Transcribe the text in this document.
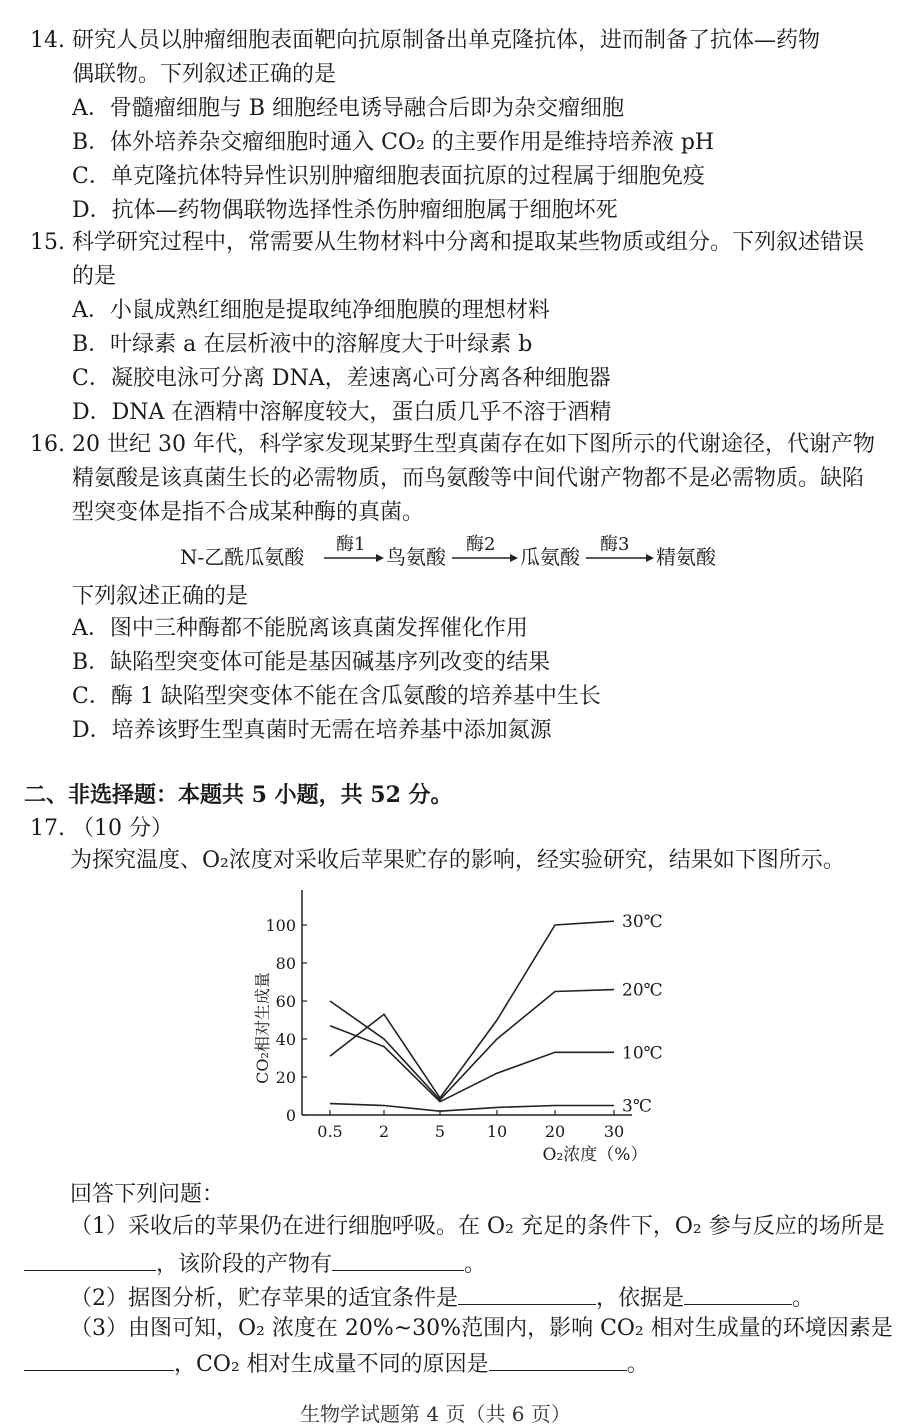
14. 研究人员以肿瘤细胞表面靶向抗原制备出单克隆抗体，进而制备了抗体—药物
偶联物。下列叙述正确的是
A．骨髓瘤细胞与 B 细胞经电诱导融合后即为杂交瘤细胞
B．体外培养杂交瘤细胞时通入 CO₂ 的主要作用是维持培养液 pH
C．单克隆抗体特异性识别肿瘤细胞表面抗原的过程属于细胞免疫
D．抗体—药物偶联物选择性杀伤肿瘤细胞属于细胞坏死
15. 科学研究过程中，常需要从生物材料中分离和提取某些物质或组分。下列叙述错误
的是
A．小鼠成熟红细胞是提取纯净细胞膜的理想材料
B．叶绿素 a 在层析液中的溶解度大于叶绿素 b
C．凝胶电泳可分离 DNA，差速离心可分离各种细胞器
D．DNA 在酒精中溶解度较大，蛋白质几乎不溶于酒精
16. 20 世纪 30 年代，科学家发现某野生型真菌存在如下图所示的代谢途径，代谢产物
精氨酸是该真菌生长的必需物质，而鸟氨酸等中间代谢产物都不是必需物质。缺陷
型突变体是指不合成某种酶的真菌。
N-乙酰瓜氨酸
酶1
鸟氨酸
酶2
瓜氨酸
酶3
精氨酸
下列叙述正确的是
A．图中三种酶都不能脱离该真菌发挥催化作用
B．缺陷型突变体可能是基因碱基序列改变的结果
C．酶 1 缺陷型突变体不能在含瓜氨酸的培养基中生长
D．培养该野生型真菌时无需在培养基中添加氮源
二、非选择题：本题共 5 小题，共 52 分。
17. （10 分）
为探究温度、O₂浓度对采收后苹果贮存的影响，经实验研究，结果如下图所示。
0
20
40
60
80
100
0.5 2	5	10 20 30
CO₂相对生成量
O₂浓度（%）
30℃
20℃
10℃
3℃
回答下列问题：
（1）采收后的苹果仍在进行细胞呼吸。在 O₂ 充足的条件下，O₂ 参与反应的场所是
，该阶段的产物有	。
（2）据图分析，贮存苹果的适宜条件是	，依据是	。
（3）由图可知，O₂ 浓度在 20%~30%范围内，影响 CO₂ 相对生成量的环境因素是
，CO₂ 相对生成量不同的原因是	。
生物学试题第 4 页（共 6 页）
